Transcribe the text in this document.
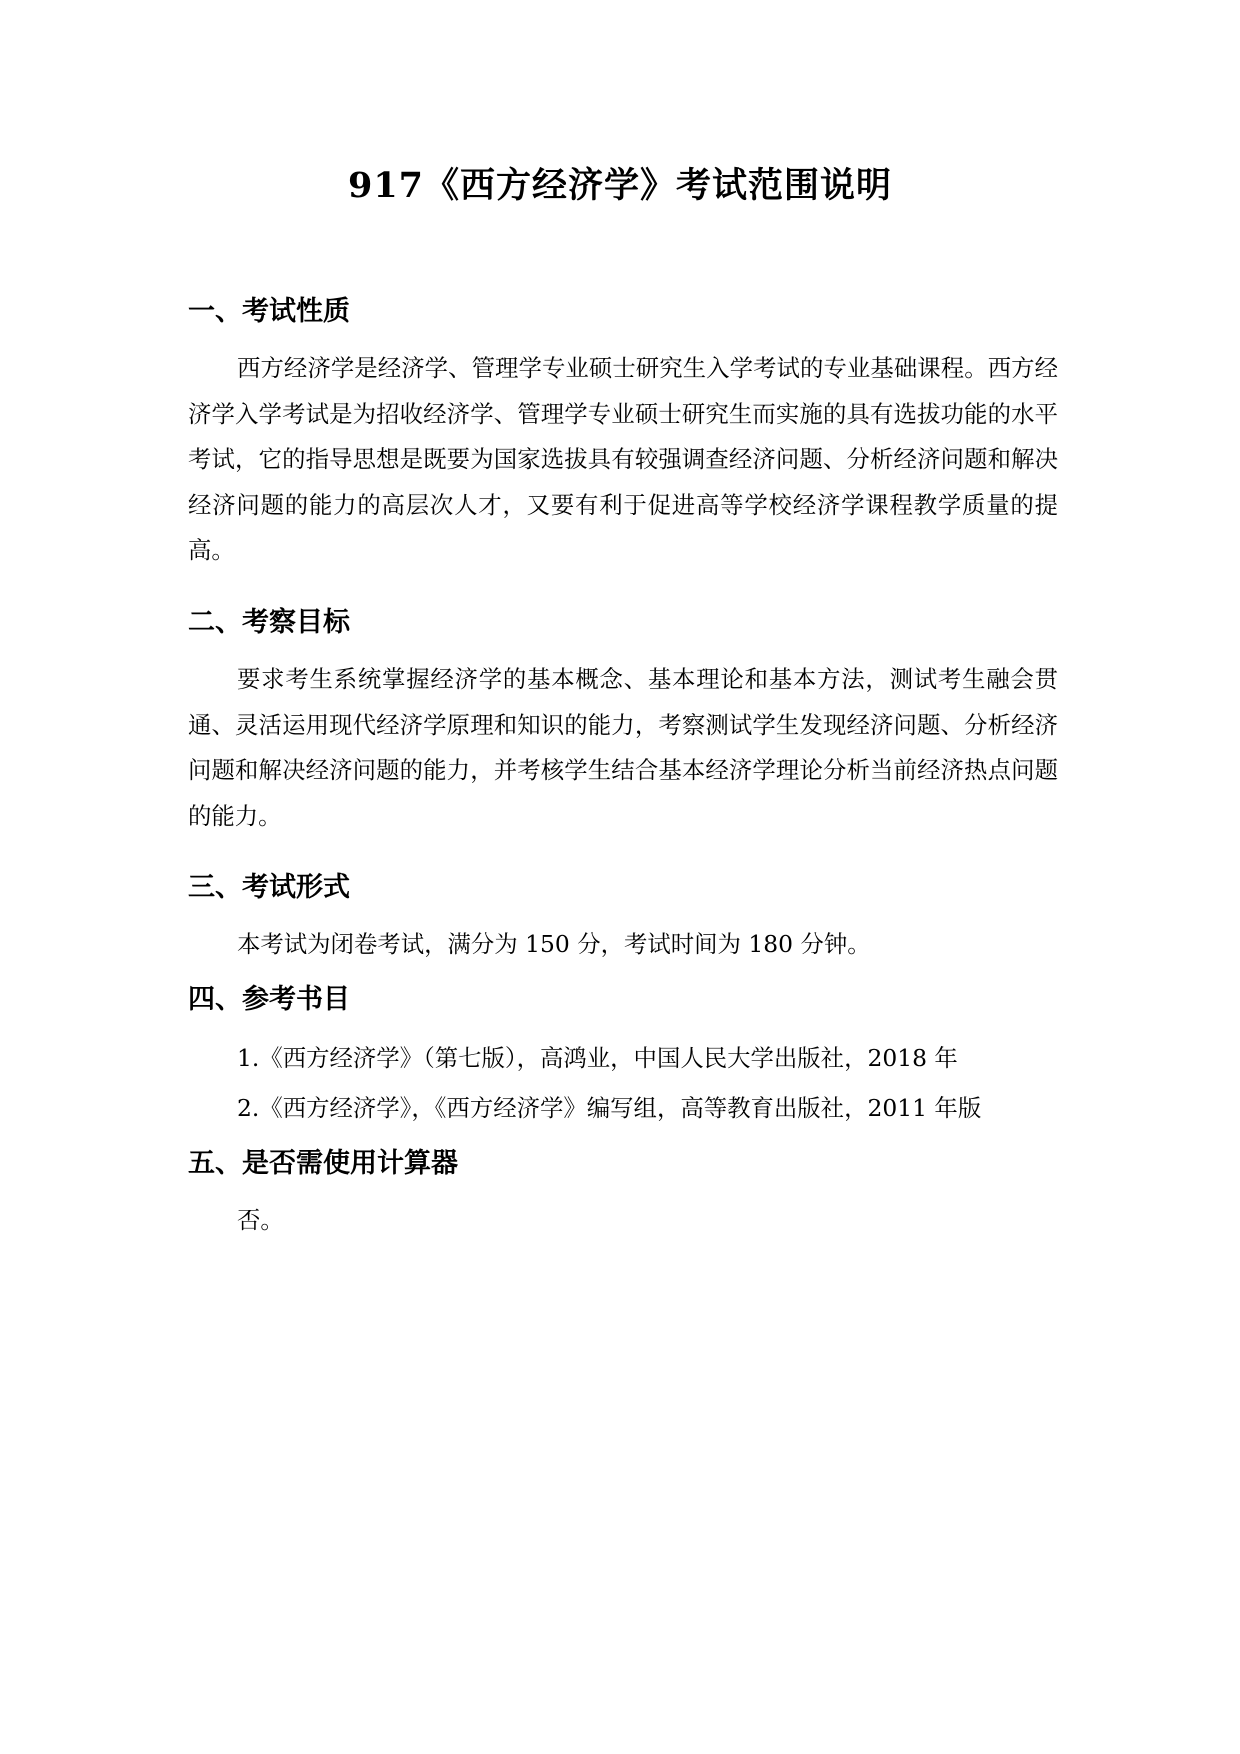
917《西方经济学》考试范围说明
一、考试性质
西方经济学是经济学、管理学专业硕士研究生入学考试的专业基础课程。西方经济学入学考试是为招收经济学、管理学专业硕士研究生而实施的具有选拔功能的水平考试，它的指导思想是既要为国家选拔具有较强调查经济问题、分析经济问题和解决经济问题的能力的高层次人才，又要有利于促进高等学校经济学课程教学质量的提高。
二、考察目标
要求考生系统掌握经济学的基本概念、基本理论和基本方法，测试考生融会贯通、灵活运用现代经济学原理和知识的能力，考察测试学生发现经济问题、分析经济问题和解决经济问题的能力，并考核学生结合基本经济学理论分析当前经济热点问题的能力。
三、考试形式
本考试为闭卷考试，满分为 150 分，考试时间为 180 分钟。
四、参考书目
1.《西方经济学》（第七版），高鸿业，中国人民大学出版社，2018 年
2.《西方经济学》，《西方经济学》编写组，高等教育出版社，2011 年版
五、是否需使用计算器
否。
